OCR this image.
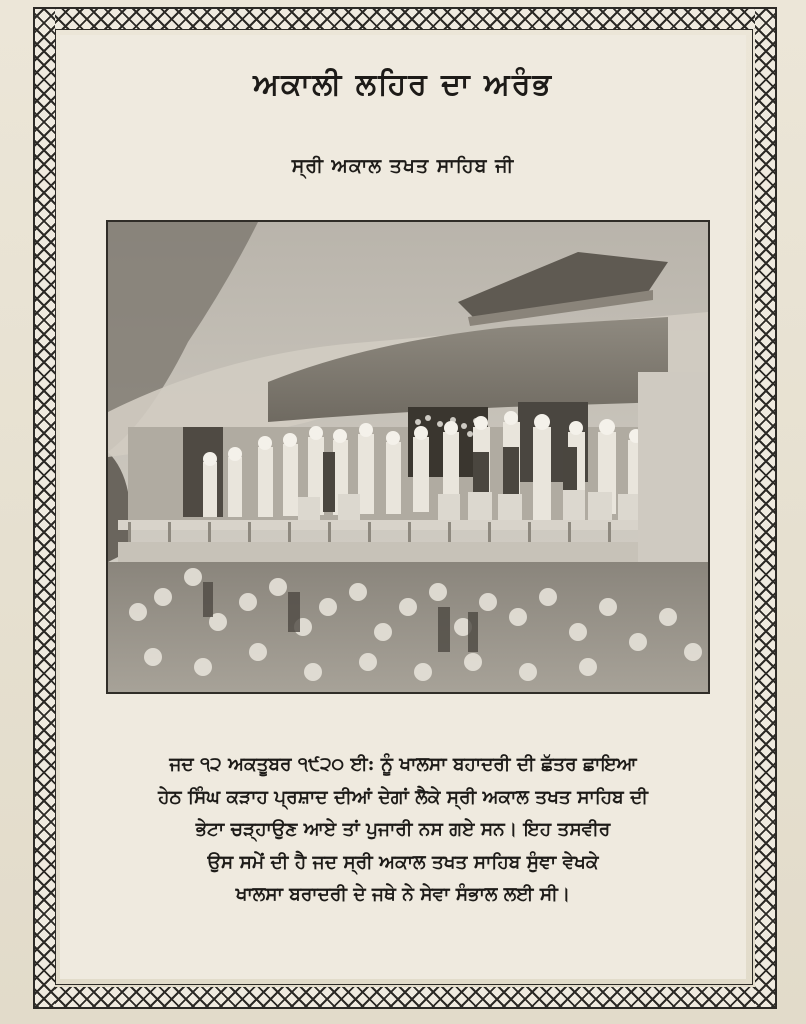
ਅਕਾਲੀ ਲਹਿਰ ਦਾ ਅਰੰਭ
ਸ੍ਰੀ ਅਕਾਲ ਤਖਤ ਸਾਹਿਬ ਜੀ
ਜਦ ੧੨ ਅਕਤੂਬਰ ੧੯੨੦ ਈ: ਨੂੰ ਖਾਲਸਾ ਬਹਾਦਰੀ ਦੀ ਛੱਤਰ ਛਾਇਆ
ਹੇਠ ਸਿੰਘ ਕੜਾਹ ਪ੍ਰਸ਼ਾਦ ਦੀਆਂ ਦੇਗਾਂ ਲੈਕੇ ਸ੍ਰੀ ਅਕਾਲ ਤਖਤ ਸਾਹਿਬ ਦੀ
ਭੇਟਾ ਚੜ੍ਹਾਉਣ ਆਏ ਤਾਂ ਪੁਜਾਰੀ ਨਸ ਗਏ ਸਨ। ਇਹ ਤਸਵੀਰ
ਉਸ ਸਮੇਂ ਦੀ ਹੈ ਜਦ ਸ੍ਰੀ ਅਕਾਲ ਤਖਤ ਸਾਹਿਬ ਸੁੰਞਾ ਵੇਖਕੇ
ਖਾਲਸਾ ਬਰਾਦਰੀ ਦੇ ਜਥੇ ਨੇ ਸੇਵਾ ਸੰਭਾਲ ਲਈ ਸੀ।
